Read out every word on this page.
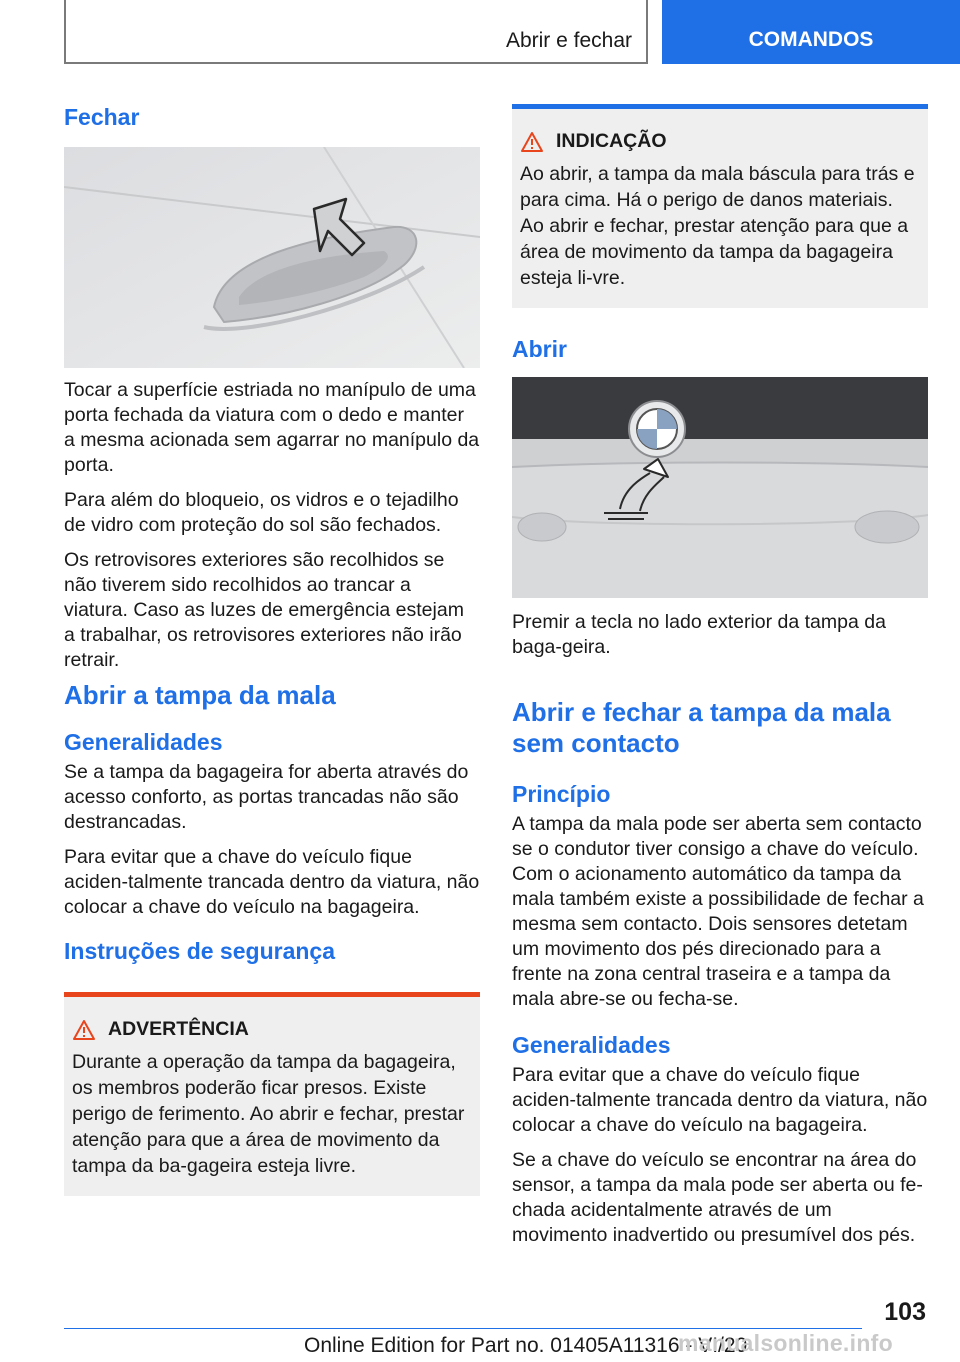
Abrir e fechar	COMANDOS
Fechar

Tocar a superfície estriada no manípulo de uma porta fechada da viatura com o dedo e manter a mesma acionada sem agarrar no manípulo da porta.

Para além do bloqueio, os vidros e o tejadilho de vidro com proteção do sol são fechados.

Os retrovisores exteriores são recolhidos se não tiverem sido recolhidos ao trancar a viatura. Caso as luzes de emergência estejam a trabalhar, os retrovisores exteriores não irão retrair.

Abrir a tampa da mala
Generalidades

Se a tampa da bagageira for aberta através do acesso conforto, as portas trancadas não são destrancadas.

Para evitar que a chave do veículo fique aciden-talmente trancada dentro da viatura, não colocar a chave do veículo na bagageira.

Instruções de segurança
ADVERTÊNCIA

Durante a operação da tampa da bagageira, os membros poderão ficar presos. Existe perigo de ferimento. Ao abrir e fechar, prestar atenção para que a área de movimento da tampa da ba-gageira esteja livre.

INDICAÇÃO

Ao abrir, a tampa da mala báscula para trás e para cima. Há o perigo de danos materiais. Ao abrir e fechar, prestar atenção para que a área de movimento da tampa da bagageira esteja li-vre.

Abrir

Premir a tecla no lado exterior da tampa da baga-geira.

Abrir e fechar a tampa da mala sem contacto
Princípio

A tampa da mala pode ser aberta sem contacto se o condutor tiver consigo a chave do veículo. Com o acionamento automático da tampa da mala também existe a possibilidade de fechar a mesma sem contacto. Dois sensores detetam um movimento dos pés direcionado para a frente na zona central traseira e a tampa da mala abre-se ou fecha-se.

Generalidades

Para evitar que a chave do veículo fique aciden-talmente trancada dentro da viatura, não colocar a chave do veículo na bagageira.

Se a chave do veículo se encontrar na área do sensor, a tampa da mala pode ser aberta ou fe-chada acidentalmente através de um movimento inadvertido ou presumível dos pés.

103
Online Edition for Part no. 01405A11316 - VI/20
manualsonline.info
